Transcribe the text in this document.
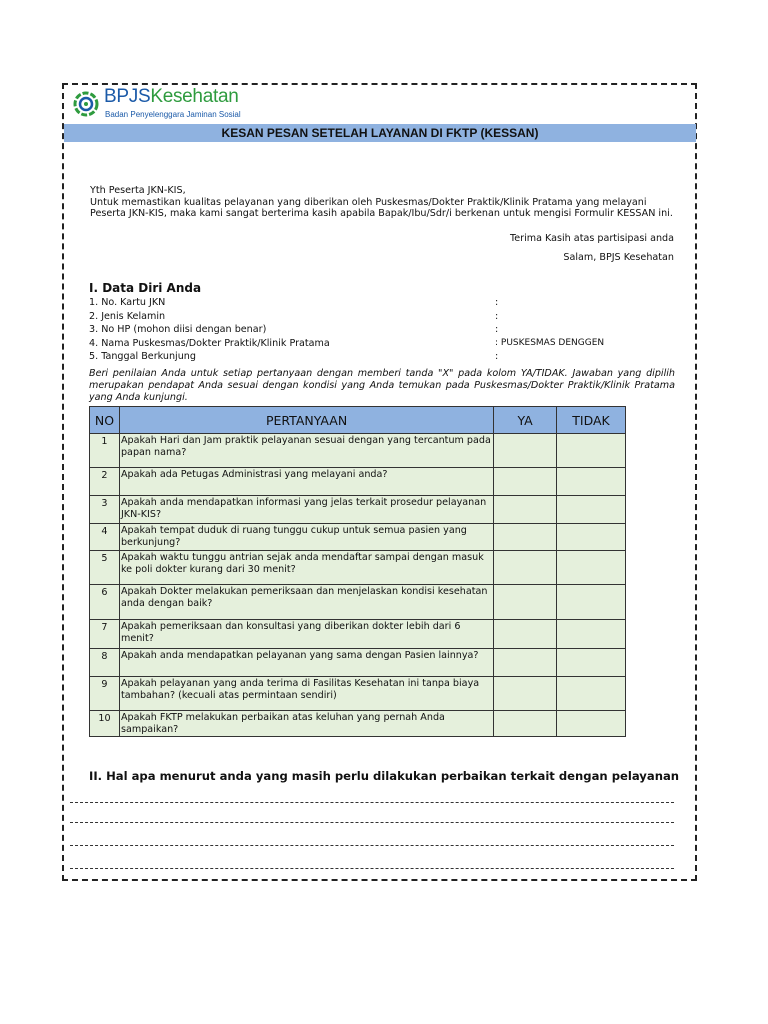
BPJSKesehatan
Badan Penyelenggara Jaminan Sosial
KESAN PESAN SETELAH LAYANAN DI FKTP (KESSAN)
Yth Peserta JKN-KIS,
Untuk memastikan kualitas pelayanan yang diberikan oleh Puskesmas/Dokter Praktik/Klinik Pratama yang melayani Peserta JKN-KIS, maka kami sangat berterima kasih apabila Bapak/Ibu/Sdr/i berkenan untuk mengisi Formulir KESSAN ini.
Terima Kasih atas partisipasi anda
Salam, BPJS Kesehatan
I. Data Diri Anda
1. No. Kartu JKN	:
2. Jenis Kelamin	:
3. No HP (mohon diisi dengan benar)	:
4. Nama Puskesmas/Dokter Praktik/Klinik Pratama	: PUSKESMAS DENGGEN
5. Tanggal Berkunjung	:
Beri penilaian Anda untuk setiap pertanyaan dengan memberi tanda "X" pada kolom YA/TIDAK. Jawaban yang dipilih merupakan pendapat Anda sesuai dengan kondisi yang Anda temukan pada Puskesmas/Dokter Praktik/Klinik Pratama yang Anda kunjungi.
NO	PERTANYAAN	YA	TIDAK
1	Apakah Hari dan Jam praktik pelayanan sesuai dengan yang tercantum pada papan nama?		
2	Apakah ada Petugas Administrasi yang melayani anda?		
3	Apakah anda mendapatkan informasi yang jelas terkait prosedur pelayanan JKN-KIS?		
4	Apakah tempat duduk di ruang tunggu cukup untuk semua pasien yang berkunjung?		
5	Apakah waktu tunggu antrian sejak anda mendaftar sampai dengan masuk ke poli dokter kurang dari 30 menit?		
6	Apakah Dokter melakukan pemeriksaan dan menjelaskan kondisi kesehatan anda dengan baik?		
7	Apakah pemeriksaan dan konsultasi yang diberikan dokter lebih dari 6 menit?		
8	Apakah anda mendapatkan pelayanan yang sama dengan Pasien lainnya?		
9	Apakah pelayanan yang anda terima di Fasilitas Kesehatan ini tanpa biaya tambahan? (kecuali atas permintaan sendiri)		
10	Apakah FKTP melakukan perbaikan atas keluhan yang pernah Anda sampaikan?		
II. Hal apa menurut anda yang masih perlu dilakukan perbaikan terkait dengan pelayanan
